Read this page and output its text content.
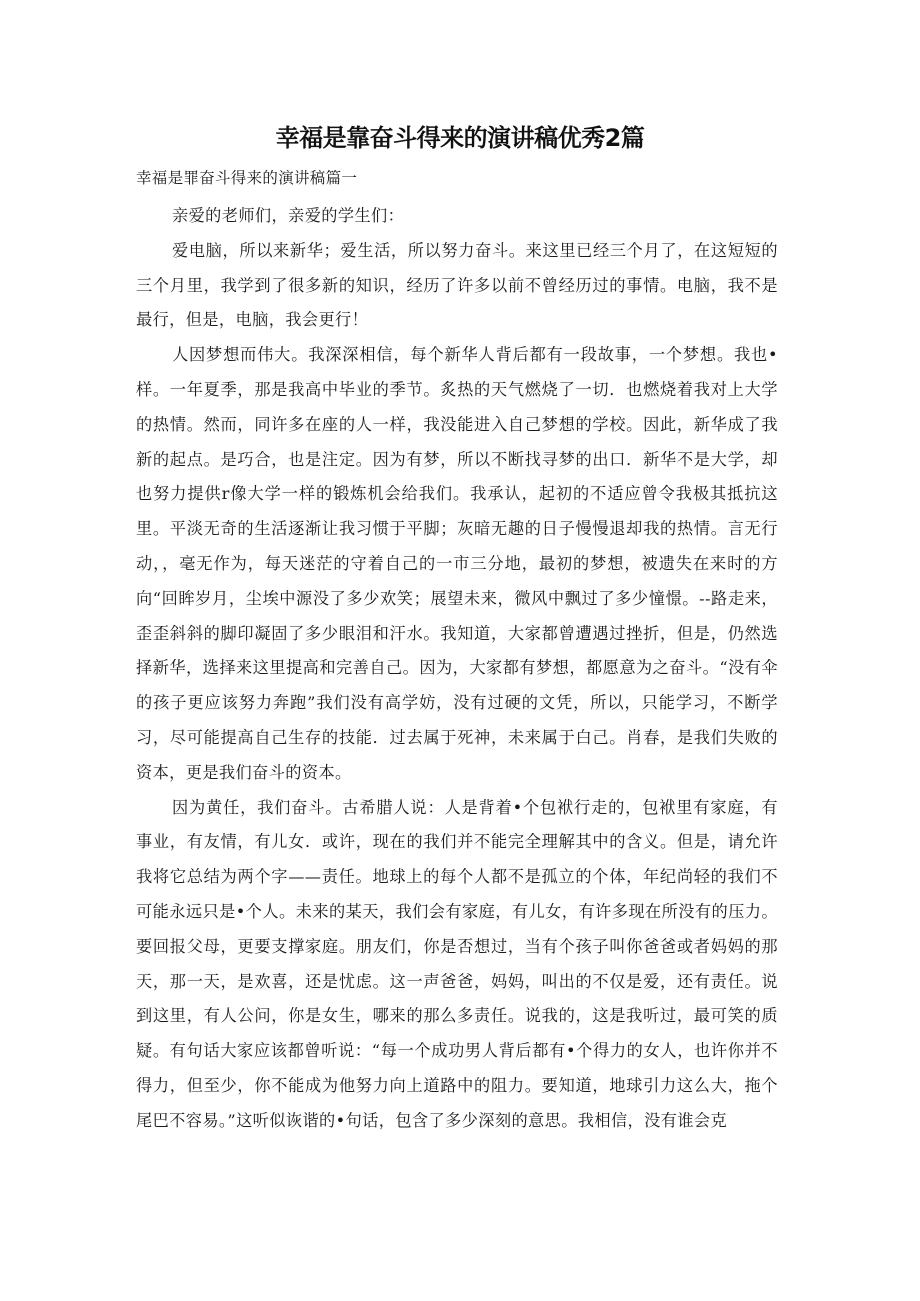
幸福是靠奋斗得来的演讲稿优秀2篇

幸福是罪奋斗得来的演讲稿篇一

亲爱的老师们，亲爱的学生们：

爱电脑，所以来新华；爱生活，所以努力奋斗。来这里已经三个月了，在这短短的三个月里，我学到了很多新的知识，经历了许多以前不曾经历过的事情。电脑，我不是最行，但是，电脑，我会更行！

人因梦想而伟大。我深深相信，每个新华人背后都有一段故事，一个梦想。我也•样。一年夏季，那是我高中毕业的季节。炙热的天气燃烧了一切．也燃烧着我对上大学的热情。然而，同许多在座的人一样，我没能进入自己梦想的学校。因此，新华成了我新的起点。是巧合，也是注定。因为有梦，所以不断找寻梦的出口．新华不是大学，却也努力提供r像大学一样的锻炼机会给我们。我承认，起初的不适应曾令我极其抵抗这里。平淡无奇的生活逐渐让我习惯于平脚；灰暗无趣的日子慢慢退却我的热情。言无行动，，毫无作为，每天迷茫的守着自己的一市三分地，最初的梦想，被遗失在来时的方向“回眸岁月，尘埃中源没了多少欢笑；展望未来，微风中飘过了多少憧憬。--路走来，歪歪斜斜的脚印凝固了多少眼泪和汗水。我知道，大家都曾遭遇过挫折，但是，仍然选择新华，选择来这里提高和完善自己。因为，大家都有梦想，都愿意为之奋斗。“没有伞的孩子更应该努力奔跑”我们没有高学妨，没有过硬的文凭，所以，只能学习，不断学习，尽可能提高自己生存的技能．过去属于死神，未来属于白己。肖春，是我们失败的资本，更是我们奋斗的资本。

因为黄任，我们奋斗。古希腊人说：人是背着•个包袱行走的，包袱里有家庭，有事业，有友情，有儿女．或许，现在的我们并不能完全理解其中的含义。但是，请允许我将它总结为两个字——责任。地球上的每个人都不是孤立的个体，年纪尚轻的我们不可能永远只是•个人。未来的某天，我们会有家庭，有儿女，有许多现在所没有的压力。要回报父母，更要支撑家庭。朋友们，你是否想过，当有个孩子叫你爸爸或者妈妈的那天，那一天，是欢喜，还是忧虑。这一声爸爸，妈妈，叫出的不仅是爱，还有责任。说到这里，有人公问，你是女生，哪来的那么多责任。说我的，这是我听过，最可笑的质疑。有句话大家应该都曾听说：“每一个成功男人背后都有•个得力的女人，也许你并不得力，但至少，你不能成为他努力向上道路中的阻力。要知道，地球引力这么大，拖个尾巴不容易。”这听似诙谐的•句话，包含了多少深刻的意思。我相信，没有谁会克
